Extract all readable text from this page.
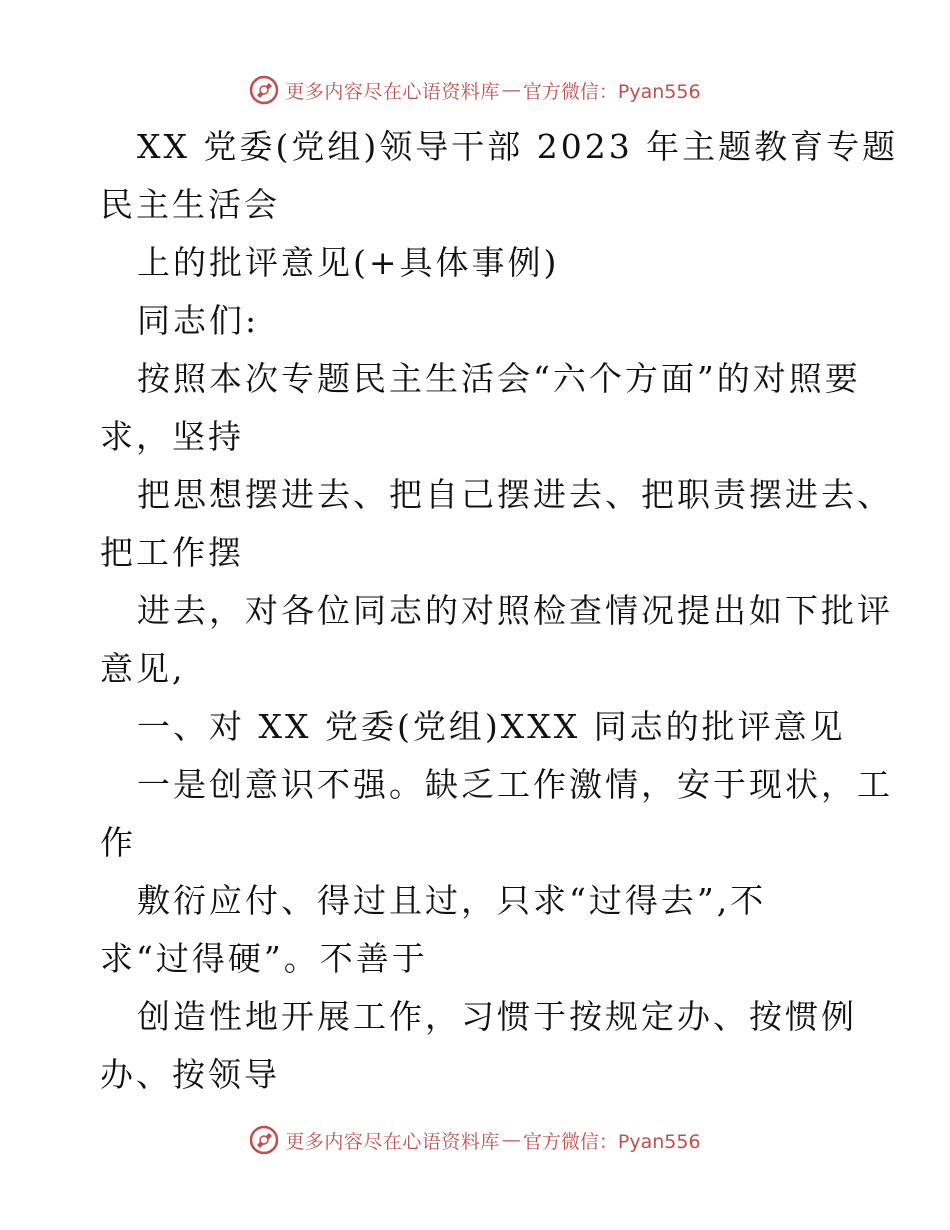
更多内容尽在心语资料库 — 官方微信：Pyan556
XX 党委(党组)领导干部 2023 年主题教育专题
民主生活会
上的批评意见(+具体事例)
同志们:
按照本次专题民主生活会“六个方面”的对照要
求，坚持
把思想摆进去、把自己摆进去、把职责摆进去、
把工作摆
进去，对各位同志的对照检查情况提出如下批评
意见,
一、对 XX 党委(党组)XXX 同志的批评意见
一是创意识不强。缺乏工作激情，安于现状，工
作
敷衍应付、得过且过，只求“过得去”,不
求“过得硬”。不善于
创造性地开展工作，习惯于按规定办、按惯例
办、按领导
更多内容尽在心语资料库 — 官方微信：Pyan556
